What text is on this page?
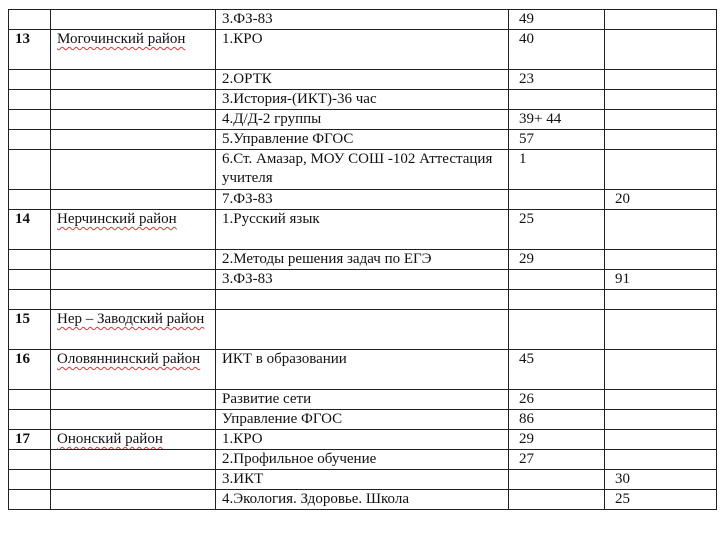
		3.ФЗ-83	49	
13	Могочинский район	1.КРО	40	
		2.ОРТК	23	
		3.История-(ИКТ)-36 час		
		4.Д/Д-2 группы	39+ 44	
		5.Управление ФГОС	57	
		6.Ст. Амазар, МОУ СОШ -102 Аттестация учителя	1	
		7.ФЗ-83		20
14	Нерчинский район	1.Русский язык	25	
		2.Методы решения задач по ЕГЭ	29	
		3.ФЗ-83		91

15	Нер – Заводский район			
16	Оловяннинский район	ИКТ в образовании	45	
		Развитие сети	26	
		Управление ФГОС	86	
17	Ононский район	1.КРО	29	
		2.Профильное обучение	27	
		3.ИКТ		30
		4.Экология. Здоровье. Школа		25
